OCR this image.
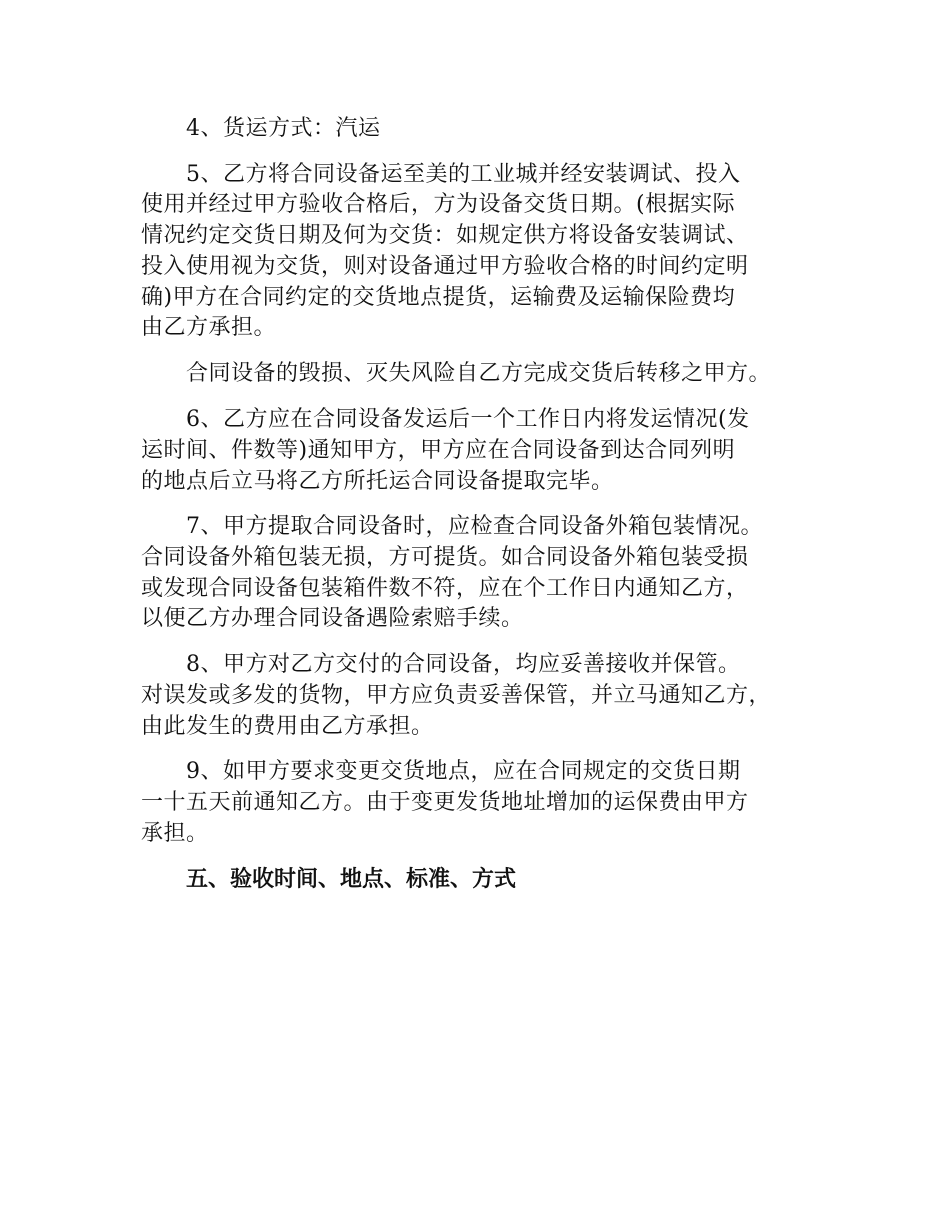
4、货运方式：汽运
5、乙方将合同设备运至美的工业城并经安装调试、投入
使用并经过甲方验收合格后，方为设备交货日期。(根据实际
情况约定交货日期及何为交货：如规定供方将设备安装调试、
投入使用视为交货，则对设备通过甲方验收合格的时间约定明
确)甲方在合同约定的交货地点提货，运输费及运输保险费均
由乙方承担。
合同设备的毁损、灭失风险自乙方完成交货后转移之甲方。
6、乙方应在合同设备发运后一个工作日内将发运情况(发
运时间、件数等)通知甲方，甲方应在合同设备到达合同列明
的地点后立马将乙方所托运合同设备提取完毕。
7、甲方提取合同设备时，应检查合同设备外箱包装情况。
合同设备外箱包装无损，方可提货。如合同设备外箱包装受损
或发现合同设备包装箱件数不符，应在个工作日内通知乙方，
以便乙方办理合同设备遇险索赔手续。
8、甲方对乙方交付的合同设备，均应妥善接收并保管。
对误发或多发的货物，甲方应负责妥善保管，并立马通知乙方，
由此发生的费用由乙方承担。
9、如甲方要求变更交货地点，应在合同规定的交货日期
一十五天前通知乙方。由于变更发货地址增加的运保费由甲方
承担。
五、验收时间、地点、标准、方式
